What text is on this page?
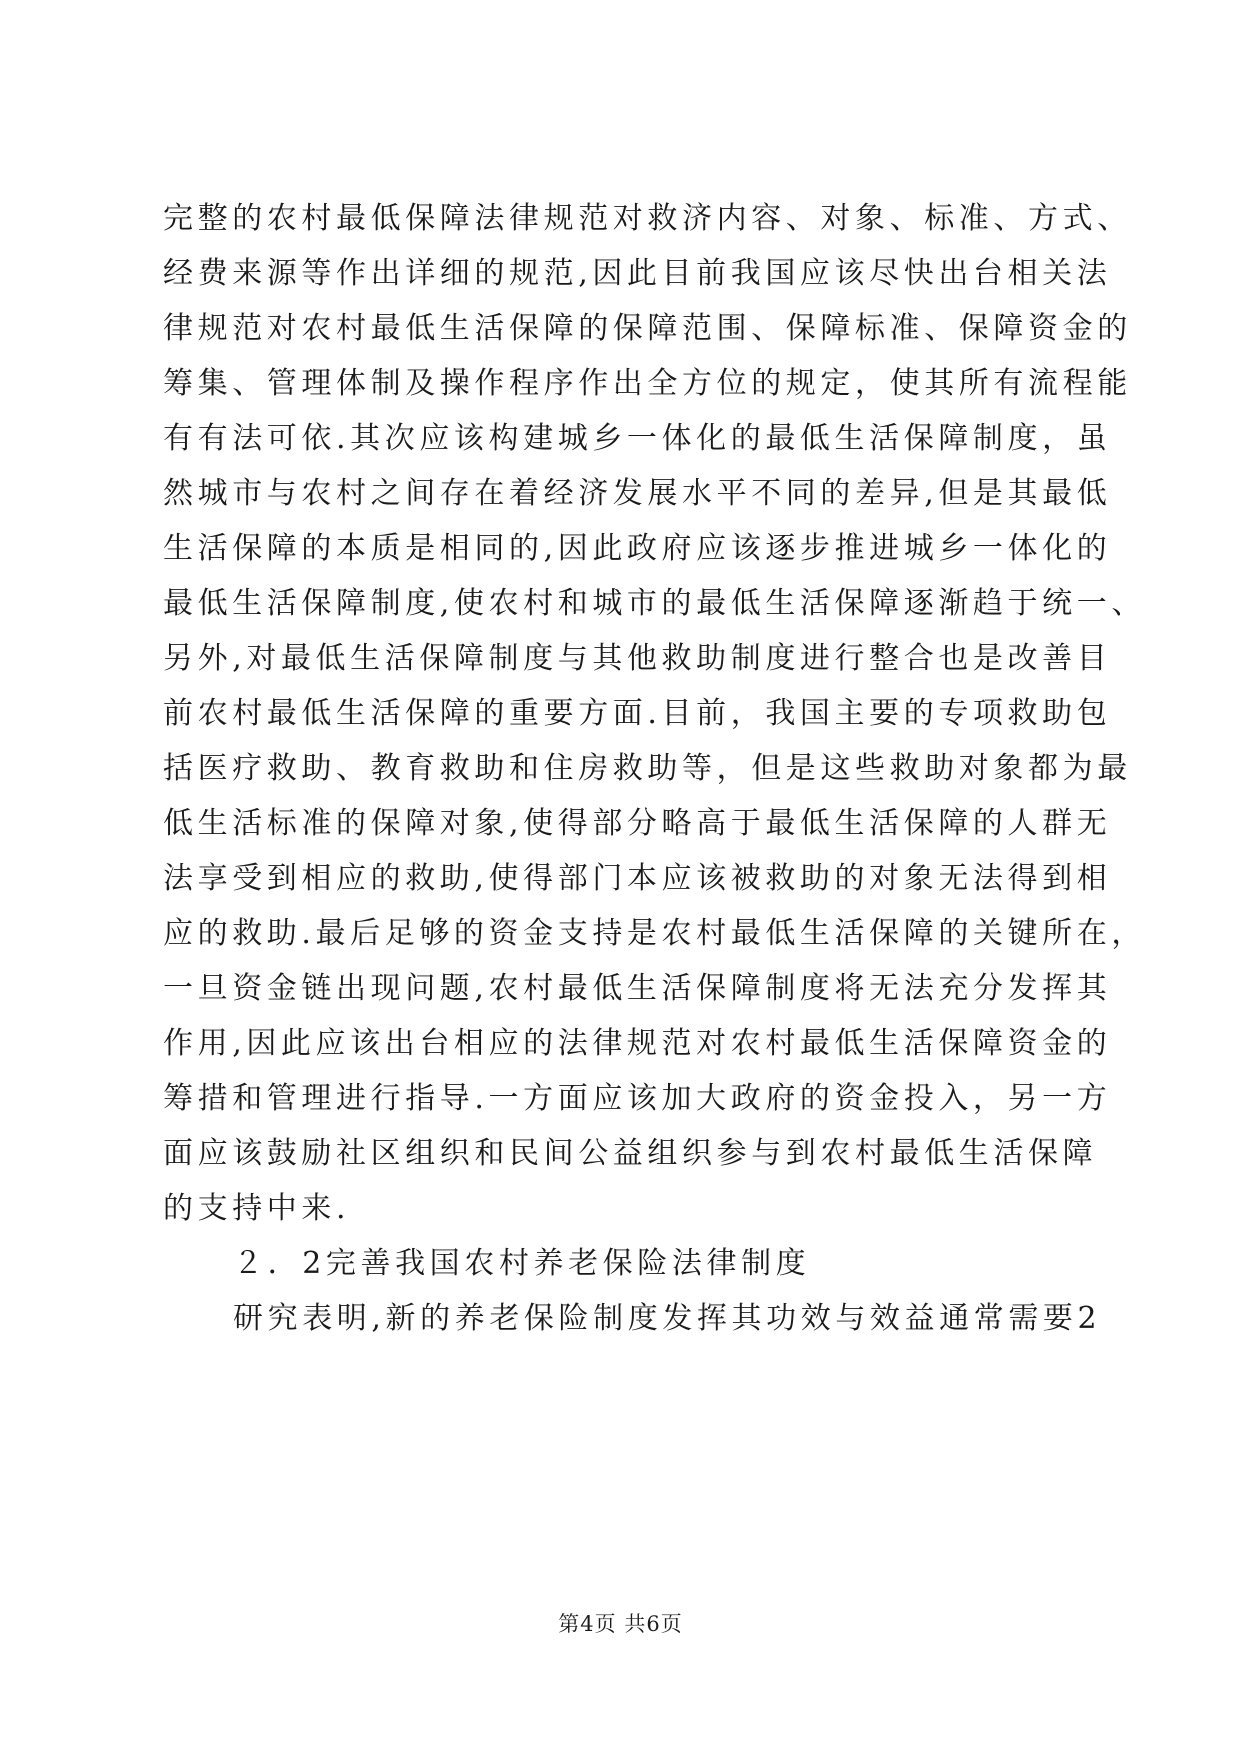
完整的农村最低保障法律规范对救济内容、对象、标准、方式、
经费来源等作出详细的规范,因此目前我国应该尽快出台相关法
律规范对农村最低生活保障的保障范围、保障标准、保障资金的
筹集、管理体制及操作程序作出全方位的规定，使其所有流程能
有有法可依.其次应该构建城乡一体化的最低生活保障制度，虽
然城市与农村之间存在着经济发展水平不同的差异,但是其最低
生活保障的本质是相同的,因此政府应该逐步推进城乡一体化的
最低生活保障制度,使农村和城市的最低生活保障逐渐趋于统一、
另外,对最低生活保障制度与其他救助制度进行整合也是改善目
前农村最低生活保障的重要方面.目前，我国主要的专项救助包
括医疗救助、教育救助和住房救助等，但是这些救助对象都为最
低生活标准的保障对象,使得部分略高于最低生活保障的人群无
法享受到相应的救助,使得部门本应该被救助的对象无法得到相
应的救助.最后足够的资金支持是农村最低生活保障的关键所在，
一旦资金链出现问题,农村最低生活保障制度将无法充分发挥其
作用,因此应该出台相应的法律规范对农村最低生活保障资金的
筹措和管理进行指导.一方面应该加大政府的资金投入，另一方
面应该鼓励社区组织和民间公益组织参与到农村最低生活保障
的支持中来.
２．2完善我国农村养老保险法律制度
研究表明,新的养老保险制度发挥其功效与效益通常需要2
第4页 共6页
